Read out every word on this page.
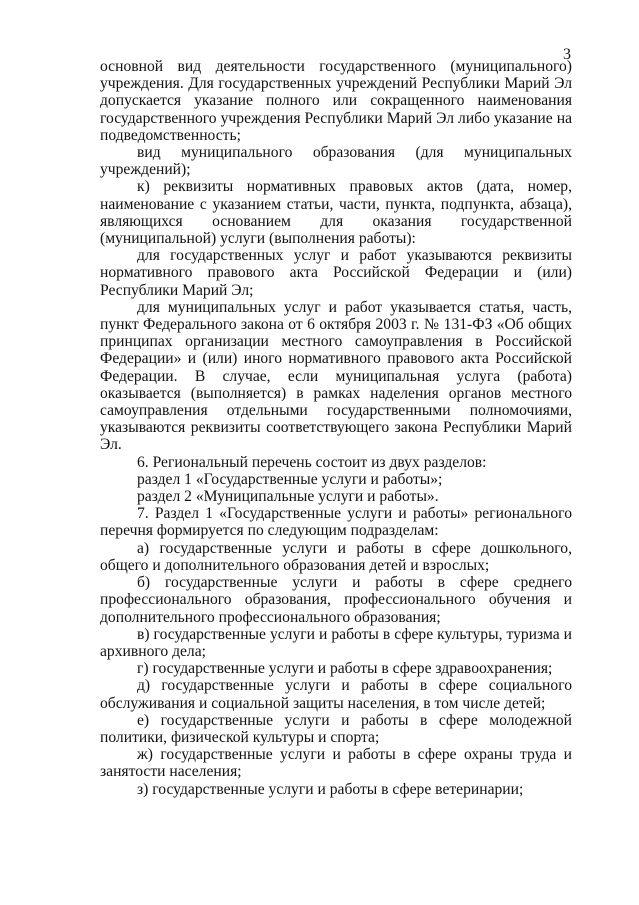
3

основной вид деятельности государственного (муниципального) учреждения. Для государственных учреждений Республики Марий Эл допускается указание полного или сокращенного наименования государственного учреждения Республики Марий Эл либо указание на подведомственность;

вид муниципального образования (для муниципальных учреждений);

к) реквизиты нормативных правовых актов (дата, номер, наименование с указанием статьи, части, пункта, подпункта, абзаца), являющихся основанием для оказания государственной (муниципальной) услуги (выполнения работы):

для государственных услуг и работ указываются реквизиты нормативного правового акта Российской Федерации и (или) Республики Марий Эл;

для муниципальных услуг и работ указывается статья, часть, пункт Федерального закона от 6 октября 2003 г. № 131-ФЗ «Об общих принципах организации местного самоуправления в Российской Федерации» и (или) иного нормативного правового акта Российской Федерации. В случае, если муниципальная услуга (работа) оказывается (выполняется) в рамках наделения органов местного самоуправления отдельными государственными полномочиями, указываются реквизиты соответствующего закона Республики Марий Эл.

6. Региональный перечень состоит из двух разделов:

раздел 1 «Государственные услуги и работы»;

раздел 2 «Муниципальные услуги и работы».

7. Раздел 1 «Государственные услуги и работы» регионального перечня формируется по следующим подразделам:

а) государственные услуги и работы в сфере дошкольного, общего и дополнительного образования детей и взрослых;

б) государственные услуги и работы в сфере среднего профессионального образования, профессионального обучения и дополнительного профессионального образования;

в) государственные услуги и работы в сфере культуры, туризма и архивного дела;

г) государственные услуги и работы в сфере здравоохранения;

д) государственные услуги и работы в сфере социального обслуживания и социальной защиты населения, в том числе детей;

е) государственные услуги и работы в сфере молодежной политики, физической культуры и спорта;

ж) государственные услуги и работы в сфере охраны труда и занятости населения;

з) государственные услуги и работы в сфере ветеринарии;
